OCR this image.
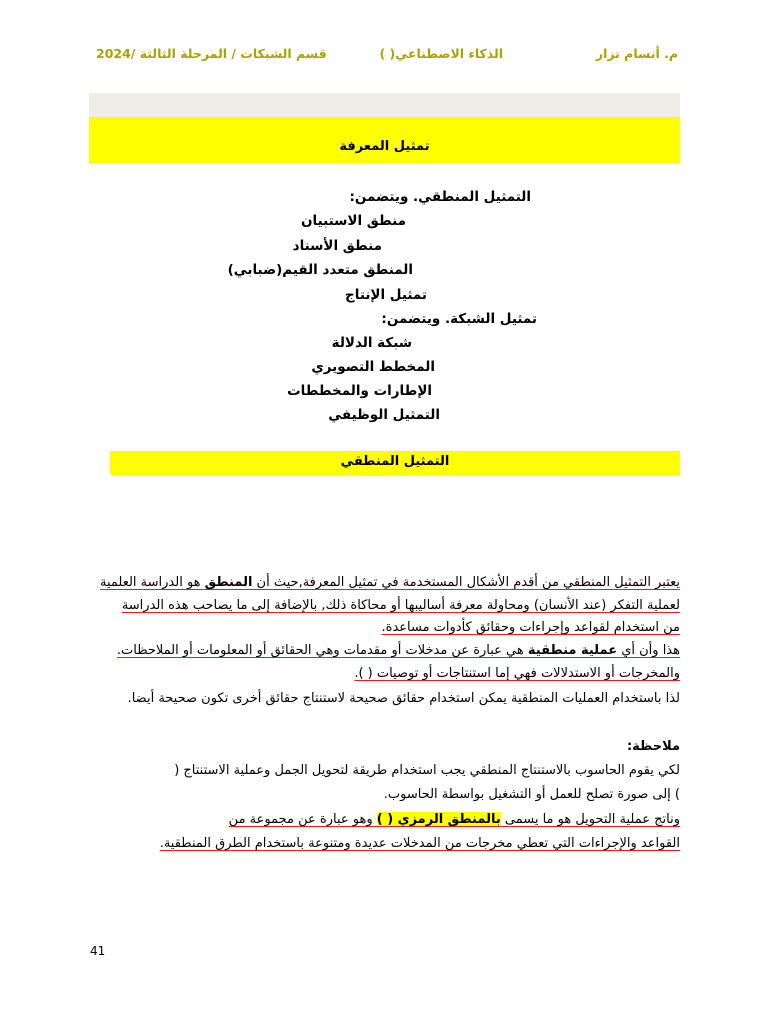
م. أنسام نزار
الذكاء الاصطناعي( )
قسم الشبكات / المرحلة الثالثة /2024
تمثيل المعرفة
التمثيل المنطقي. ويتضمن:
منطق الاستبيان
منطق الأسناد
المنطق متعدد القيم(ضبابي)
تمثيل الإنتاج
تمثيل الشبكة. ويتضمن:
شبكة الدلالة
المخطط التصويري
الإطارات والمخططات
التمثيل الوظيفي
التمثيل المنطقي
يعتبر التمثيل المنطقي من أقدم الأشكال المستخدمة في تمثيل المعرفة,حيث أن المنطق هو الدراسة العلمية
لعملية التفكر (عند الأنسان) ومحاولة معرفة أساليبها أو محاكاة ذلك, بالإضافة إلى ما يصاحب هذه الدراسة
من استخدام لقواعد وإجراءات وحقائق كأدوات مساعدة.
هذا وأن أي عملية منطقية هي عبارة عن مدخلات أو مقدمات وهي الحقائق أو المعلومات أو الملاحظات.
والمخرجات أو الاستدلالات فهي إما استنتاجات أو توصيات ( ).
لذا باستخدام العمليات المنطقية يمكن استخدام حقائق صحيحة لاستنتاج حقائق أخرى تكون صحيحة أيضا.
ملاحظة:
لكي يقوم الحاسوب بالاستنتاج المنطقي يجب استخدام طريقة لتحويل الجمل وعملية الاستنتاج (
) إلى صورة تصلح للعمل أو التشغيل بواسطة الحاسوب.
وناتج عملية التحويل هو ما يسمى بالمنطق الرمزي ( ) وهو عبارة عن مجموعة من
القواعد والإجراءات التي تعطي مخرجات من المدخلات عديدة ومتنوعة باستخدام الطرق المنطقية.
41
